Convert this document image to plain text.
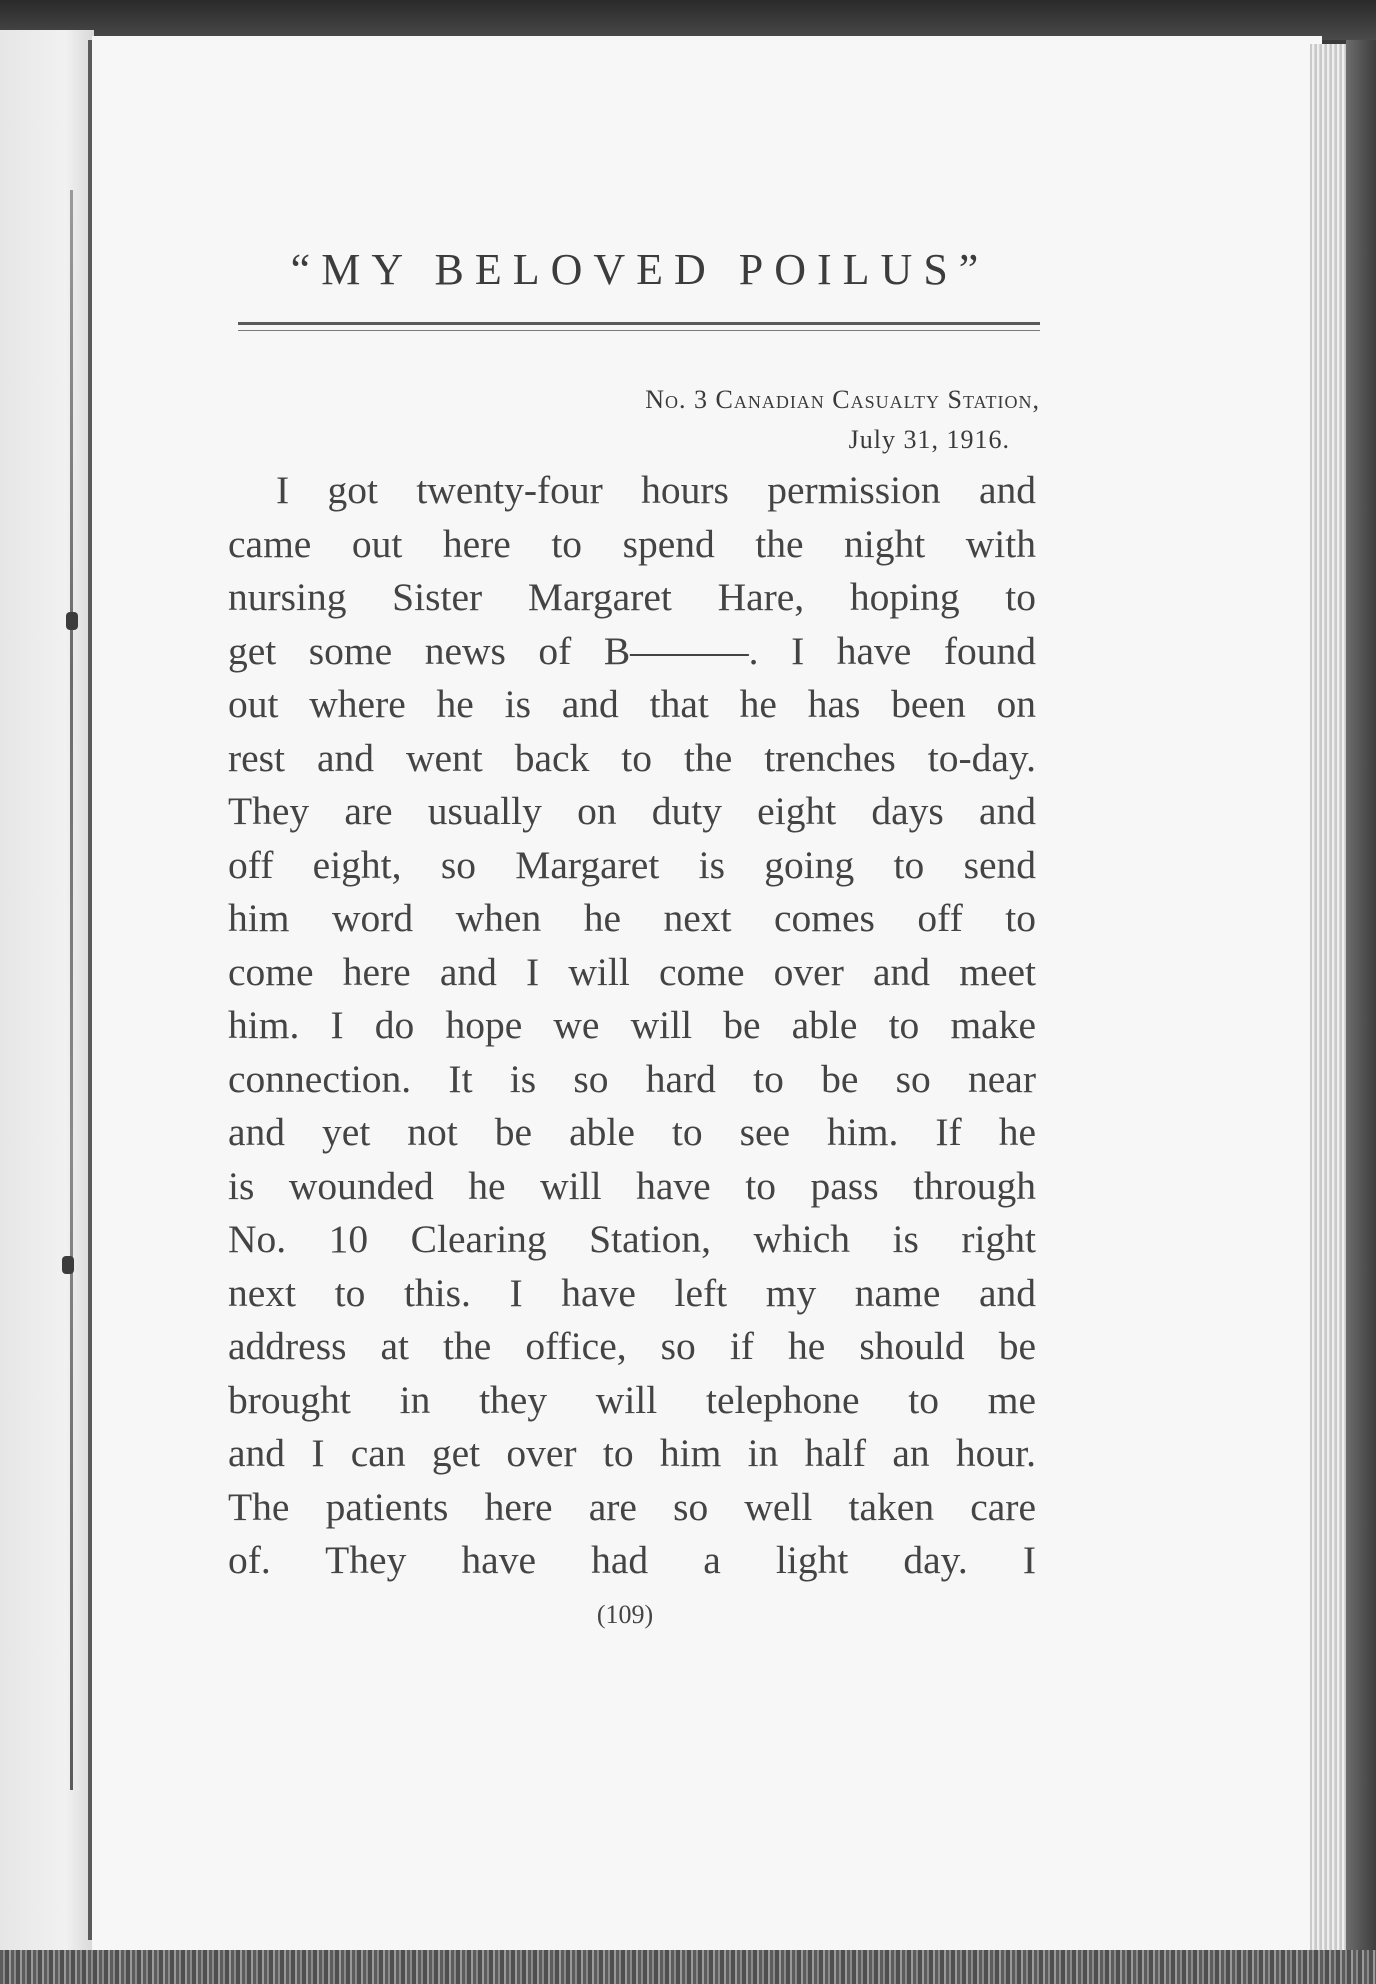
“MY BELOVED POILUS”
No. 3 Canadian Casualty Station,
July 31, 1916.
I got twenty-four hours permission and
came out here to spend the night with
nursing Sister Margaret Hare, hoping to
get some news of B———. I have found
out where he is and that he has been on
rest and went back to the trenches to-day.
They are usually on duty eight days and
off eight, so Margaret is going to send
him word when he next comes off to
come here and I will come over and meet
him. I do hope we will be able to make
connection. It is so hard to be so near
and yet not be able to see him. If he
is wounded he will have to pass through
No. 10 Clearing Station, which is right
next to this. I have left my name and
address at the office, so if he should be
brought in they will telephone to me
and I can get over to him in half an hour.
The patients here are so well taken care
of. They have had a light day. I
(109)
